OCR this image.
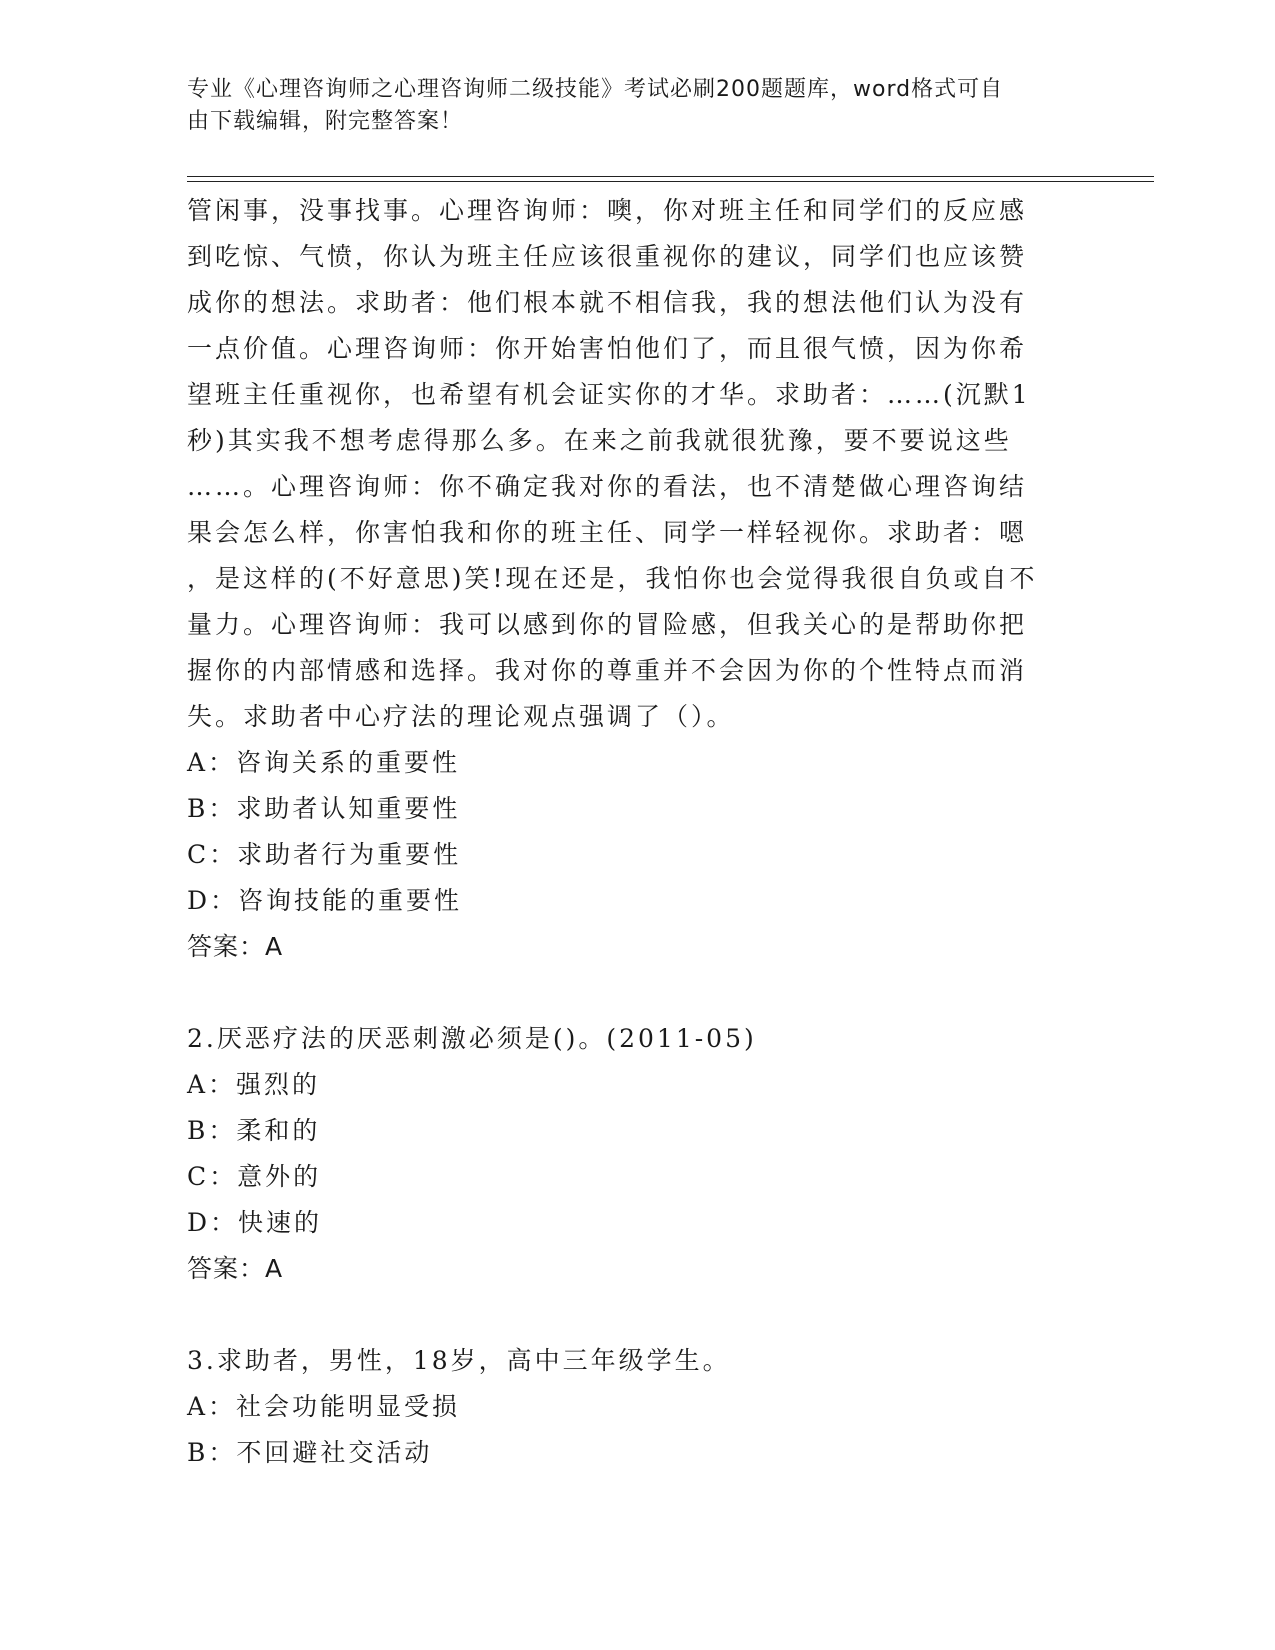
专业《心理咨询师之心理咨询师二级技能》考试必刷200题题库，word格式可自
由下载编辑，附完整答案！
管闲事，没事找事。心理咨询师：噢，你对班主任和同学们的反应感
到吃惊、气愤，你认为班主任应该很重视你的建议，同学们也应该赞
成你的想法。求助者：他们根本就不相信我，我的想法他们认为没有
一点价值。心理咨询师：你开始害怕他们了，而且很气愤，因为你希
望班主任重视你，也希望有机会证实你的才华。求助者：……(沉默1
秒)其实我不想考虑得那么多。在来之前我就很犹豫，要不要说这些
……。心理咨询师：你不确定我对你的看法，也不清楚做心理咨询结
果会怎么样，你害怕我和你的班主任、同学一样轻视你。求助者：嗯
，是这样的(不好意思)笑!现在还是，我怕你也会觉得我很自负或自不
量力。心理咨询师：我可以感到你的冒险感，但我关心的是帮助你把
握你的内部情感和选择。我对你的尊重并不会因为你的个性特点而消
失。求助者中心疗法的理论观点强调了（）。
A：咨询关系的重要性
B：求助者认知重要性
C：求助者行为重要性
D：咨询技能的重要性
答案：A
2.厌恶疗法的厌恶刺激必须是()。(2011-05)
A：强烈的
B：柔和的
C：意外的
D：快速的
答案：A
3.求助者，男性，18岁，高中三年级学生。
A：社会功能明显受损
B：不回避社交活动
